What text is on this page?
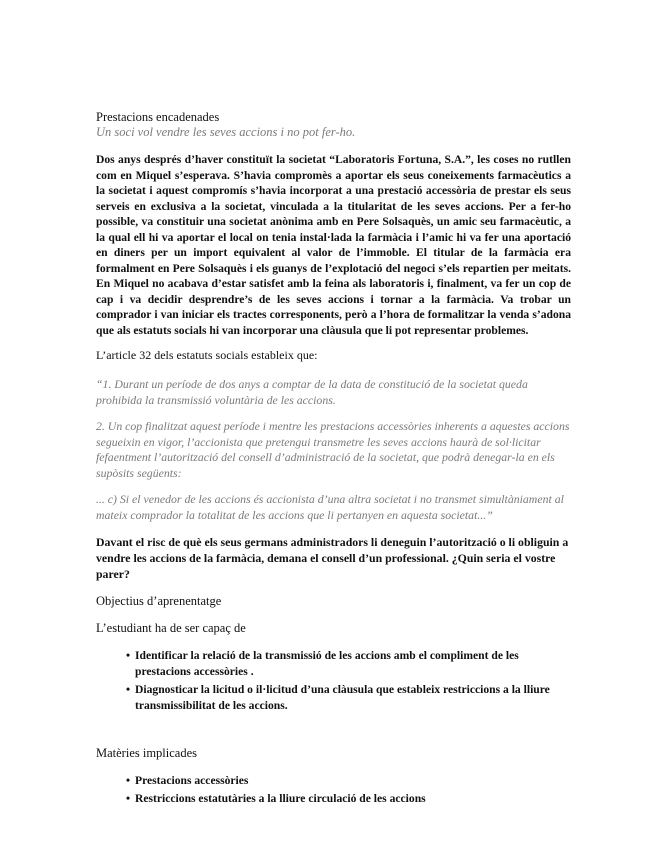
Prestacions encadenades

Un soci vol vendre les seves accions i no pot fer-ho.

Dos anys després d’haver constituït la societat “Laboratoris Fortuna, S.A.”, les coses no rutllen com en Miquel s’esperava. S’havia compromès a aportar els seus coneixements farmacèutics a la societat i aquest compromís s’havia incorporat a una prestació accessòria de prestar els seus serveis en exclusiva a la societat, vinculada a la titularitat de les seves accions. Per a fer-ho possible, va constituir una societat anònima amb en Pere Solsaquès, un amic seu farmacèutic, a la qual ell hi va aportar el local on tenia instal·lada la farmàcia i l’amic hi va fer una aportació en diners per un import equivalent al valor de l’immoble. El titular de la farmàcia era formalment en Pere Solsaquès i els guanys de l’explotació del negoci s’els repartien per meitats. En Miquel no acabava d’estar satisfet amb la feina als laboratoris i, finalment, va fer un cop de cap i va decidir desprendre’s de les seves accions i tornar a la farmàcia. Va trobar un comprador i van iniciar els tractes corresponents, però a l’hora de formalitzar la venda s’adona que als estatuts socials hi van incorporar una clàusula que li pot representar problemes.

L’article 32 dels estatuts socials estableix que:

“1. Durant un període de dos anys a comptar de la data de constitució de la societat queda prohibida la transmissió voluntària de les accions.

2. Un cop finalitzat aquest període i mentre les prestacions accessòries inherents a aquestes accions segueixin en vigor, l’accionista que pretengui transmetre les seves accions haurà de sol·licitar fefaentment l’autorització del consell d’administració de la societat, que podrà denegar-la en els supòsits següents:

... c) Si el venedor de les accions és accionista d’una altra societat i no transmet simultàniament al mateix comprador la totalitat de les accions que li pertanyen en aquesta societat...”

Davant el risc de què els seus germans administradors li deneguin l’autorització o li obliguin a vendre les accions de la farmàcia, demana el consell d’un professional. ¿Quin seria el vostre parer?

Objectius d’aprenentatge

L’estudiant ha de ser capaç de

• Identificar la relació de la transmissió de les accions amb el compliment de les prestacions accessòries .
• Diagnosticar la licitud o il·licitud d’una clàusula que estableix restriccions a la lliure transmissibilitat de les accions.

Matèries implicades

• Prestacions accessòries
• Restriccions estatutàries a la lliure circulació de les accions
